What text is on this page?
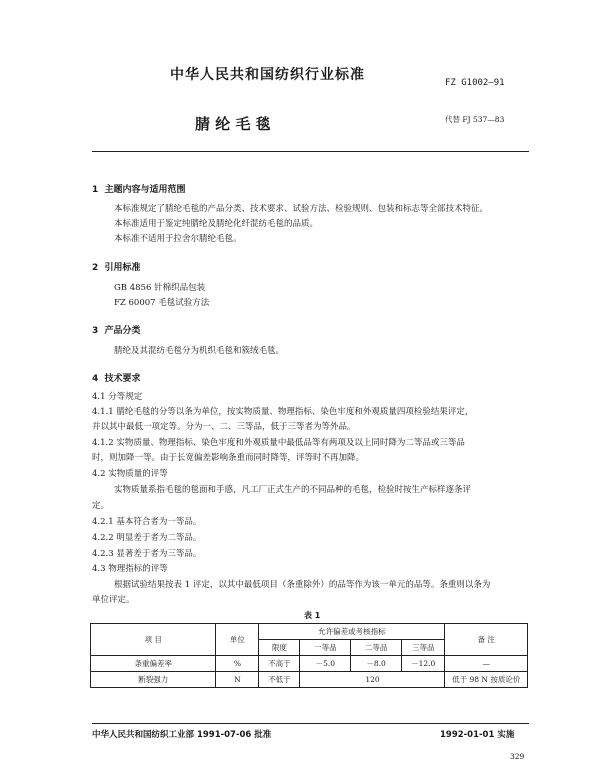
中华人民共和国纺织行业标准	FZ G1002—91
腈 纶 毛 毯	代替 FJ 537—83
1 主题内容与适用范围
本标准规定了腈纶毛毯的产品分类、技术要求、试验方法、检验规则、包装和标志等全部技术特征。
本标准适用于鉴定纯腈纶及腈纶化纤混纺毛毯的品质。
本标准不适用于拉舍尔腈纶毛毯。
2 引用标准
GB 4856 针棉织品包装
FZ 60007 毛毯试验方法
3 产品分类
腈纶及其混纺毛毯分为机织毛毯和簇绒毛毯。
4 技术要求
4.1 分等规定
4.1.1 腈纶毛毯的分等以条为单位，按实物质量、物理指标、染色牢度和外观质量四项检验结果评定，
并以其中最低一项定等。分为一、二、三等品，低于三等者为等外品。
4.1.2 实物质量、物理指标、染色牢度和外观质量中最低品等有两项及以上同时降为二等品或三等品
时，则加降一等。由于长宽偏差影响条重而同时降等，评等时不再加降。
4.2 实物质量的评等
实物质量系指毛毯的毯面和手感，凡工厂正式生产的不同品种的毛毯，检验时按生产标样逐条评
定。
4.2.1 基本符合者为一等品。
4.2.2 明显差于者为二等品。
4.2.3 显著差于者为三等品。
4.3 物理指标的评等
根据试验结果按表 1 评定，以其中最低项目（条重除外）的品等作为该一单元的品等。条重则以条为
单位评定。
表 1
项 目	单位	允许偏差或考核指标				备 注
		限度	一等品	二等品	三等品	
条重偏差率	%	不高于	－5.0	－8.0	－12.0	—
断裂强力	N	不低于	120			低于 98 N 按质论价
中华人民共和国纺织工业部 1991-07-06 批准	1992-01-01 实施
329
